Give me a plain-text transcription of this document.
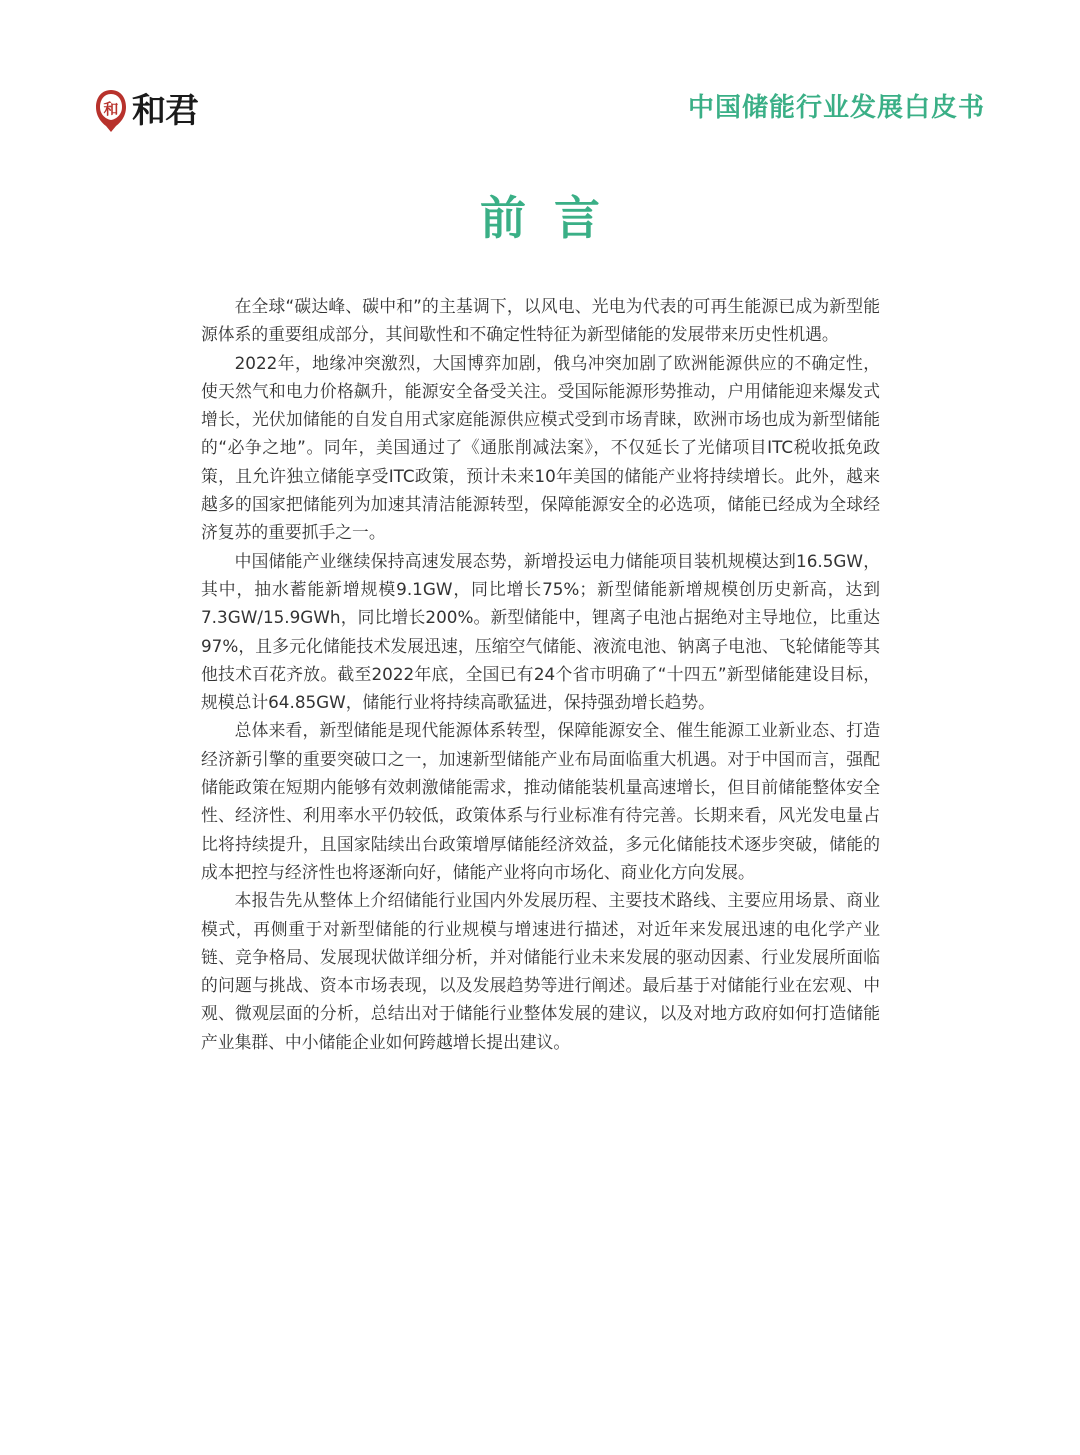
和 和君	中国储能行业发展白皮书
前言

在全球“碳达峰、碳中和”的主基调下，以风电、光电为代表的可再生能源已成为新型能源体系的重要组成部分，其间歇性和不确定性特征为新型储能的发展带来历史性机遇。

2022年，地缘冲突激烈，大国博弈加剧，俄乌冲突加剧了欧洲能源供应的不确定性，使天然气和电力价格飙升，能源安全备受关注。受国际能源形势推动，户用储能迎来爆发式增长，光伏加储能的自发自用式家庭能源供应模式受到市场青睐，欧洲市场也成为新型储能的“必争之地”。同年，美国通过了《通胀削减法案》，不仅延长了光储项目ITC税收抵免政策，且允许独立储能享受ITC政策，预计未来10年美国的储能产业将持续增长。此外，越来越多的国家把储能列为加速其清洁能源转型，保障能源安全的必选项，储能已经成为全球经济复苏的重要抓手之一。

中国储能产业继续保持高速发展态势，新增投运电力储能项目装机规模达到16.5GW，其中，抽水蓄能新增规模9.1GW，同比增长75%；新型储能新增规模创历史新高，达到7.3GW/15.9GWh，同比增长200%。新型储能中，锂离子电池占据绝对主导地位，比重达97%，且多元化储能技术发展迅速，压缩空气储能、液流电池、钠离子电池、飞轮储能等其他技术百花齐放。截至2022年底，全国已有24个省市明确了“十四五”新型储能建设目标，规模总计64.85GW，储能行业将持续高歌猛进，保持强劲增长趋势。

总体来看，新型储能是现代能源体系转型，保障能源安全、催生能源工业新业态、打造经济新引擎的重要突破口之一，加速新型储能产业布局面临重大机遇。对于中国而言，强配储能政策在短期内能够有效刺激储能需求，推动储能装机量高速增长，但目前储能整体安全性、经济性、利用率水平仍较低，政策体系与行业标准有待完善。长期来看，风光发电量占比将持续提升，且国家陆续出台政策增厚储能经济效益，多元化储能技术逐步突破，储能的成本把控与经济性也将逐渐向好，储能产业将向市场化、商业化方向发展。

本报告先从整体上介绍储能行业国内外发展历程、主要技术路线、主要应用场景、商业模式，再侧重于对新型储能的行业规模与增速进行描述，对近年来发展迅速的电化学产业链、竞争格局、发展现状做详细分析，并对储能行业未来发展的驱动因素、行业发展所面临的问题与挑战、资本市场表现，以及发展趋势等进行阐述。最后基于对储能行业在宏观、中观、微观层面的分析，总结出对于储能行业整体发展的建议，以及对地方政府如何打造储能产业集群、中小储能企业如何跨越增长提出建议。
